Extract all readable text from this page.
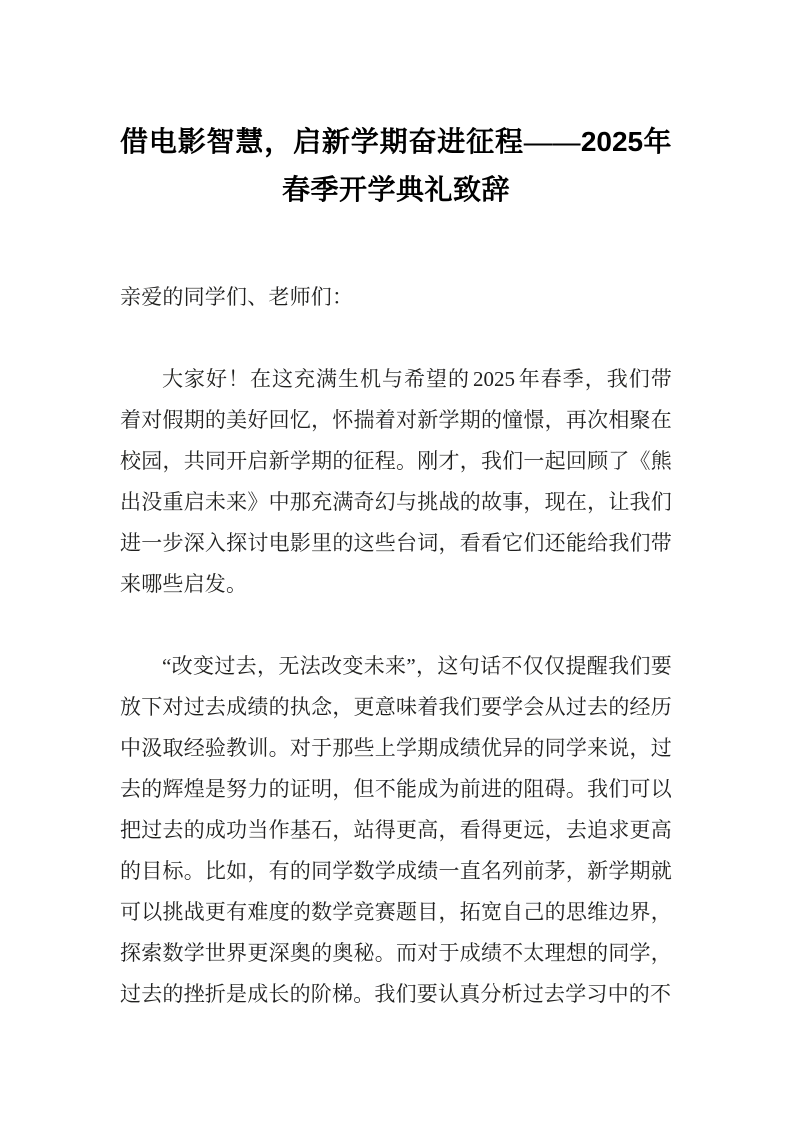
借电影智慧，启新学期奋进征程——2025年春季开学典礼致辞

亲爱的同学们、老师们：

大家好！在这充满生机与希望的 2025 年春季，我们带着对假期的美好回忆，怀揣着对新学期的憧憬，再次相聚在校园，共同开启新学期的征程。刚才，我们一起回顾了《熊出没重启未来》中那充满奇幻与挑战的故事，现在，让我们进一步深入探讨电影里的这些台词，看看它们还能给我们带来哪些启发。

“改变过去，无法改变未来”，这句话不仅仅提醒我们要放下对过去成绩的执念，更意味着我们要学会从过去的经历中汲取经验教训。对于那些上学期成绩优异的同学来说，过去的辉煌是努力的证明，但不能成为前进的阻碍。我们可以把过去的成功当作基石，站得更高，看得更远，去追求更高的目标。比如，有的同学数学成绩一直名列前茅，新学期就可以挑战更有难度的数学竞赛题目，拓宽自己的思维边界，探索数学世界更深奥的奥秘。而对于成绩不太理想的同学，过去的挫折是成长的阶梯。我们要认真分析过去学习中的不
